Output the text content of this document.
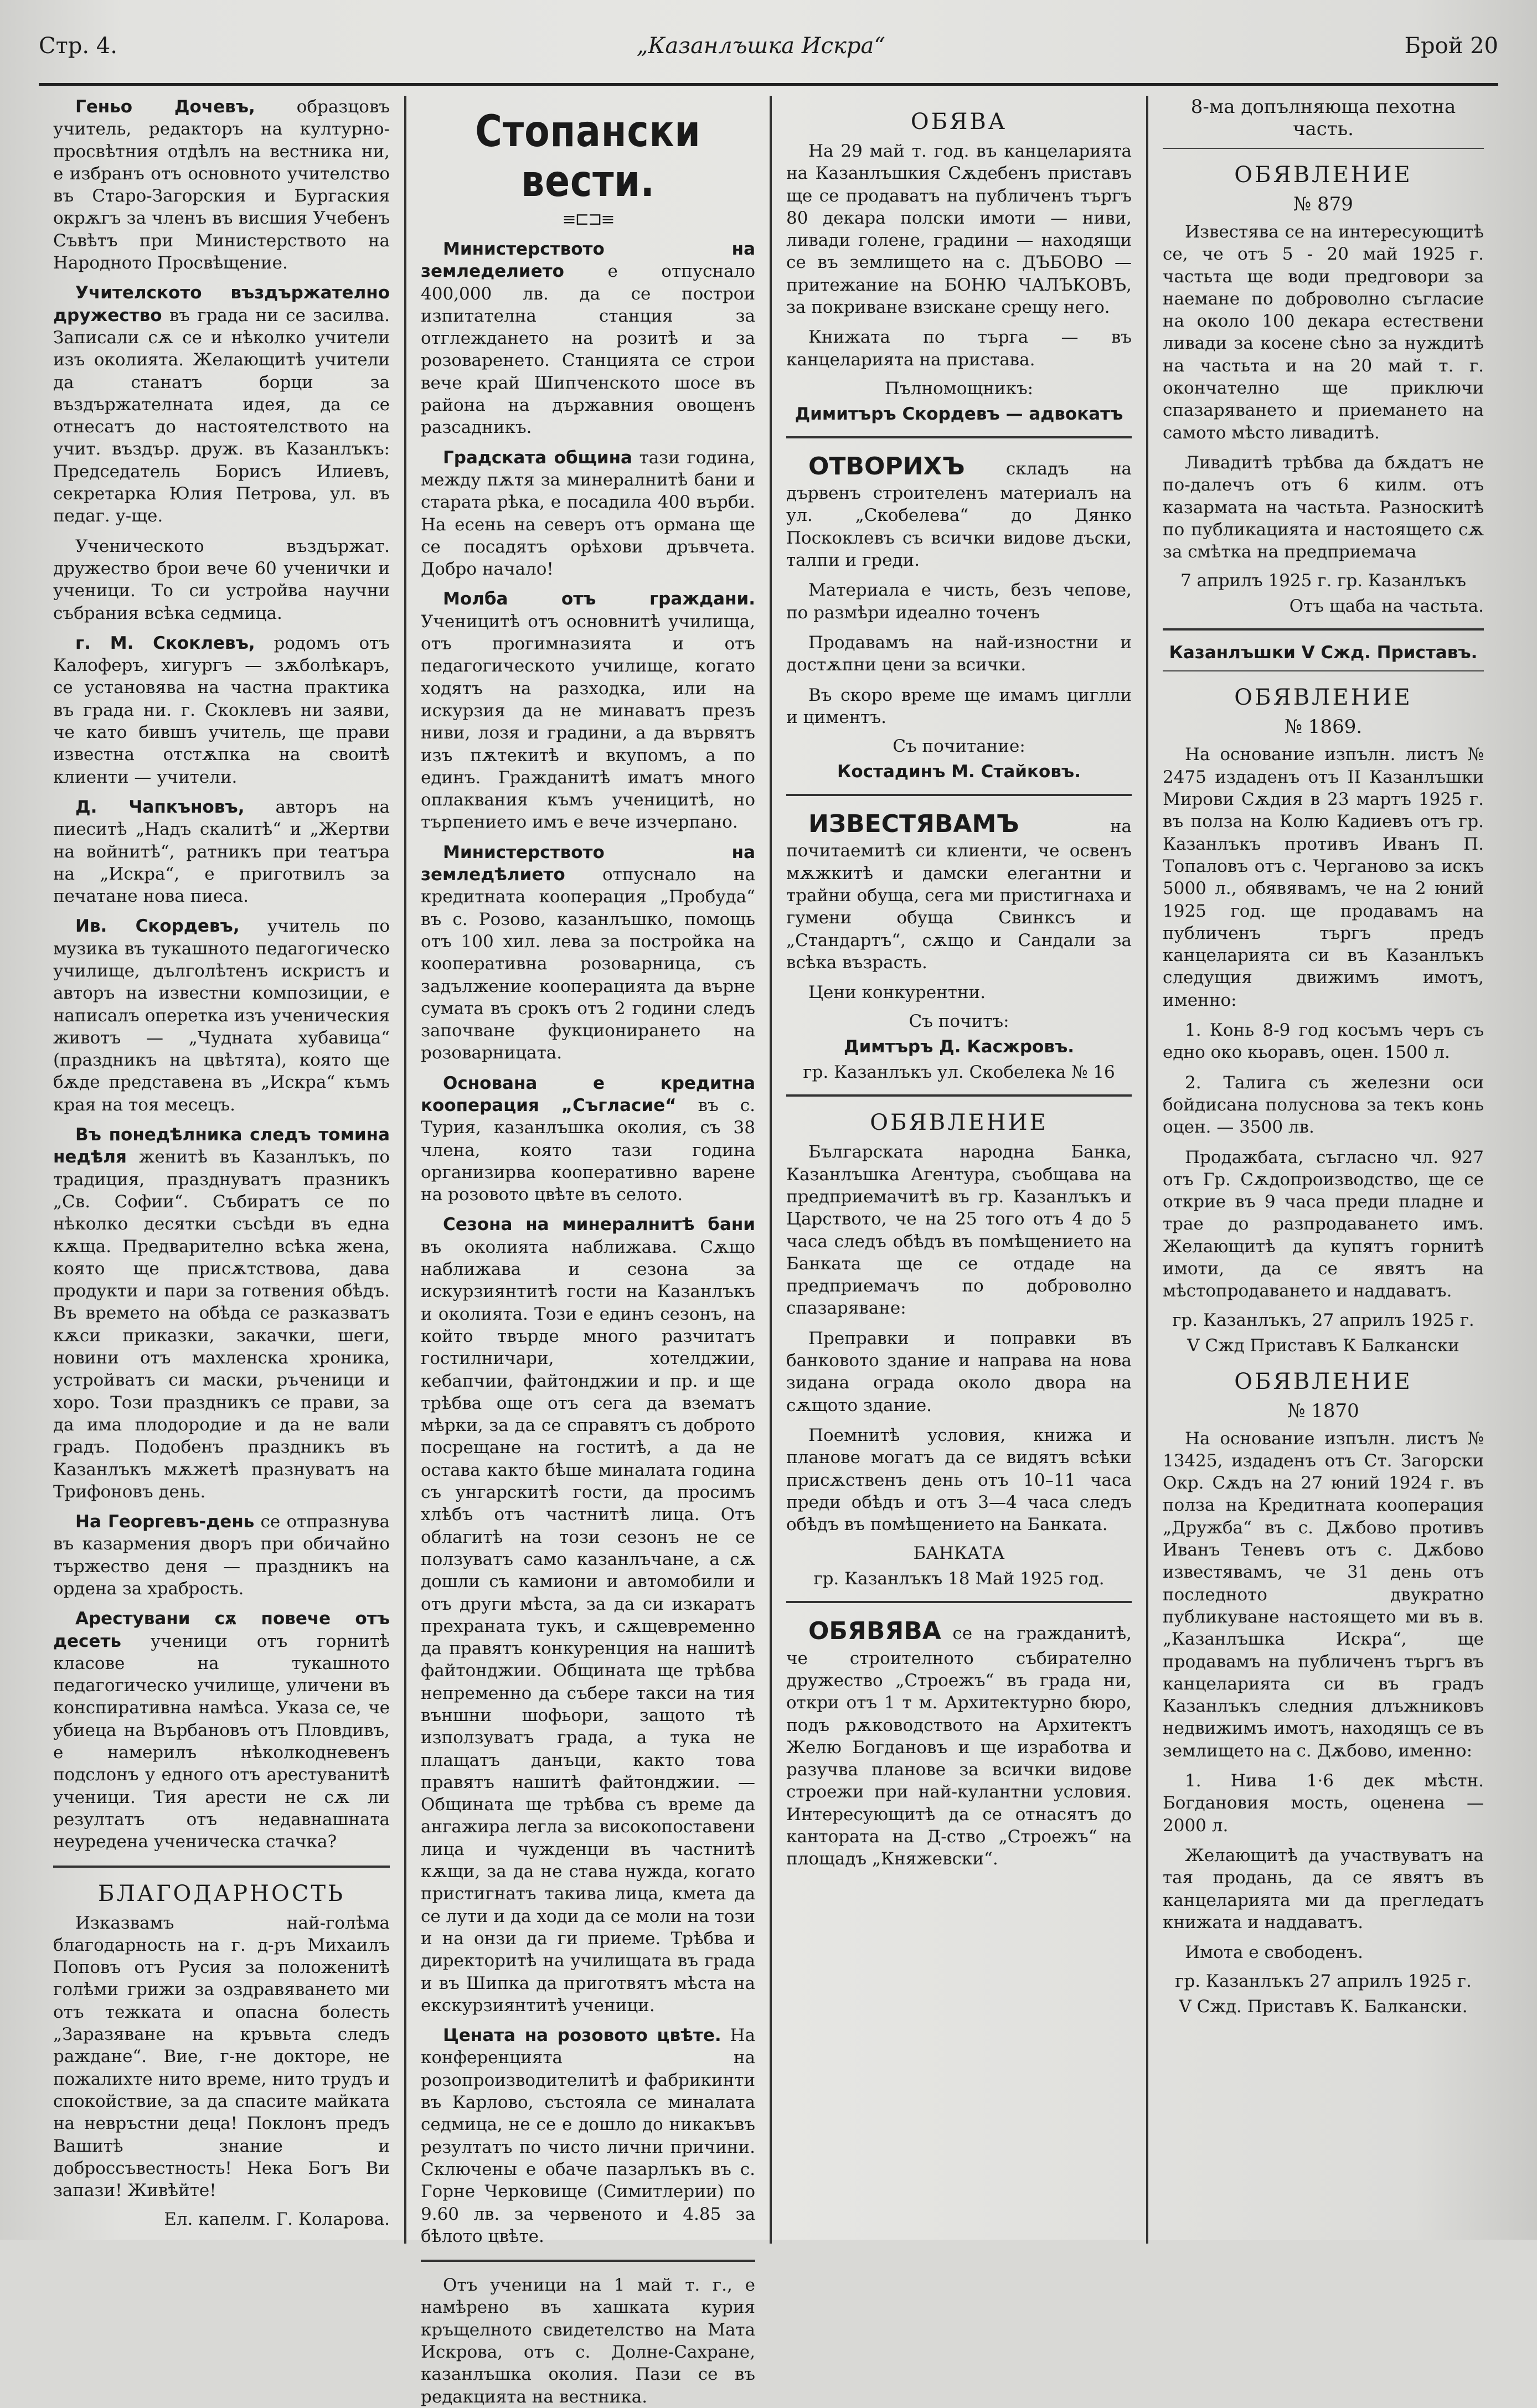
Стр. 4.	„Казанлъшка Искра“	Брой 20

Геньо Дочевъ, образцовъ учитель, редакторъ на културно-просвѣтния отдѣлъ на вестника ни, е избранъ отъ основното учителство въ Старо-Загорския и Бургаския окрѫгъ за членъ въ висшия Учебенъ Съвѣтъ при Министерството на Народното Просвѣщение.

Учителското въздържателно дружество въ града ни се засилва. Записали сѫ се и нѣколко учители изъ околията. Желающитѣ учители да станатъ борци за въздържателната идея, да се отнесатъ до настоятелството на учит. въздър. друж. въ Казанлъкъ: Председатель Борисъ Илиевъ, секретарка Юлия Петрова, ул. въ педаг. у-ще.

Ученическото въздържат. дружество брои вече 60 ученички и ученици. То си устройва научни събрания всѣка седмица.

г. М. Скоклевъ, родомъ отъ Калоферъ, хигургъ — зѫболѣкаръ, се установява на частна практика въ града ни. г. Скоклевъ ни заяви, че като бившъ учитель, ще прави известна отстѫпка на своитѣ клиенти — учители.

Д. Чапкъновъ, авторъ на пиеситѣ „Надъ скалитѣ“ и „Жертви на войнитѣ“, ратникъ при театъра на „Искра“, е приготвилъ за печатане нова пиеса.

Ив. Скордевъ, учитель по музика въ тукашното педагогическо училище, дълголѣтенъ искристъ и авторъ на известни композиции, е написалъ оперетка изъ ученическия животъ — „Чудната хубавица“ (праздникъ на цвѣтята), която ще бѫде представена въ „Искра“ къмъ края на тоя месецъ.

Въ понедѣлника следъ томина недѣля женитѣ въ Казанлъкъ, по традиция, празднуватъ празникъ „Св. Софии“. Събиратъ се по нѣколко десятки съсѣди въ една кѫща. Предварително всѣка жена, която ще присѫтствова, дава продукти и пари за готвения обѣдъ. Въ времето на обѣда се разказватъ кѫси приказки, закачки, шеги, новини отъ махленска хроника, устройватъ си маски, ръченици и хоро. Този праздникъ се прави, за да има плодородие и да не вали градъ. Подобенъ праздникъ въ Казанлъкъ мѫжетѣ празнуватъ на Трифоновъ день.

На Георгевъ-день се отпразнува въ казармения дворъ при обичайно тържество деня — праздникъ на ордена за храбрость.

Арестувани сѫ повече отъ десеть ученици отъ горнитѣ класове на тукашното педагогическо училище, уличени въ конспиративна намѣса. Указа се, че убиеца на Върбановъ отъ Пловдивъ, е намерилъ нѣколкодневенъ подслонъ у едного отъ арестуванитѣ ученици. Тия арести не сѫ ли резултатъ отъ недавнашната неуредена ученическа стачка?

БЛАГОДАРНОСТЬ

Изказвамъ най-голѣма благодарность на г. д-ръ Михаилъ Поповъ отъ Русия за положенитѣ голѣми грижи за оздравяването ми отъ тежката и опасна болесть „Заразяване на кръвьта следъ раждане“. Вие, г-не докторе, не пожалихте нито време, нито трудъ и спокойствие, за да спасите майката на невръстни деца! Поклонъ предъ Вашитѣ знание и доброссъвестность! Нека Богъ Ви запази! Живѣйте!

Ел. капелм. Г. Коларова.
Стопански вести.
≡⊏⊐≡

Министерството на земледелието	е отпуснало 400,000 лв. да се построи изпитателна станция за отглеждането на розитѣ и за розоваренето. Станцията се строи вече край Шипченското шосе въ района на държавния овощенъ разсадникъ.

Градската община тази година, между пѫтя за минералнитѣ бани и старата рѣка, е посадила 400 върби. На есень на северъ отъ ормана ще се посадятъ орѣхови дръвчета. Добро начало!

Молба отъ граждани. Ученицитѣ отъ основнитѣ училища, отъ прогимназията и отъ педагогическото училище, когато ходятъ на разходка, или на искурзия да не минаватъ презъ ниви, лозя и градини, а да вървятъ изъ пѫтекитѣ и вкупомъ, а по единъ. Гражданитѣ иматъ много оплаквания къмъ ученицитѣ, но търпението имъ е вече изчерпано.

Министерството на земледѣлието отпуснало на кредитната кооперация „Пробуда“ въ с. Розово, казанлъшко, помощь отъ 100 хил. лева за постройка на кооперативна розоварница, съ задължение кооперацията да върне сумата въ срокъ отъ 2 години следъ започване фукционирането на розоварницата.

Основана е кредитна кооперация „Съгласие“ въ с. Турия, казанлъшка околия, съ 38 члена, която тази година организирва кооперативно варене на розовото цвѣте въ селото.

Сезона на минералнитѣ бани въ околията наближава. Сѫщо наближава и сезона за искурзиянтитѣ гости на Казанлъкъ и околията. Този е единъ сезонъ, на който твърде много разчитатъ гостилничари, хотелджии, кебапчии, файтонджии и пр. и ще трѣбва още отъ сега да взематъ мѣрки, за да се справятъ съ доброто посрещане на гоститѣ, а да не остава както бѣше миналата година съ унгарскитѣ гости, да просимъ хлѣбъ отъ частнитѣ лица. Отъ облагитѣ на този сезонъ не се ползуватъ само казанлъчане, а сѫ дошли съ камиони и автомобили и отъ други мѣста, за да си изкаратъ прехраната тукъ, и сѫщевременно да правятъ конкуренция на нашитѣ файтонджии. Общината ще трѣбва непременно да събере такси на тия външни шофьори, защото тѣ използуватъ града, а тука не плащатъ данъци, както това правятъ нашитѣ файтонджии. — Общината ще трѣбва съ време да ангажира легла за високопоставени лица и чужденци въ частнитѣ кѫщи, за да не става нужда, когато пристигнатъ такива лица, кмета да се лути и да ходи да се моли на този и на онзи да ги приеме. Трѣбва и директоритѣ на училищата въ града и въ Шипка да приготвятъ мѣста на екскурзиянтитѣ ученици.

Цената на розовото цвѣте. На конференцията на розопроизводителитѣ и фабрикинти въ Карлово, състояла се миналата седмица, не се е дошло до никакъвъ резултатъ по чисто лични причини. Сключены е обаче пазарлъкъ въ с. Горне Черковище (Симитлерии) по 9.60 лв. за червеното и 4.85 за бѣлото цвѣте.

Отъ ученици на 1 май т. г., е намѣрено въ хашката курия кръщелното свидетелство на Мата Искрова, отъ с. Долне-Сахране, казанлъшка околия. Пази се въ редакцията на вестника.

ОБЯВА

На 29 май т. год. въ канцеларията на Казанлъшкия Сѫдебенъ приставъ ще се продаватъ на публиченъ търгъ 80 декара полски имоти — ниви, ливади голене, градини — находящи се въ землището на с. ДЪБОВО — притежание на БОНЮ ЧАЛЪКОВЪ, за покриване взискане срещу него.

Книжата по търга — въ канцеларията на пристава.

Пълномощникъ:
Димитъръ Скордевъ — адвокатъ

ОТВОРИХЪ складъ на дървенъ строителенъ материалъ на ул. „Скобелева“ до Дянко Поскоклевъ съ всички видове дъски, талпи и греди.

Материала е чисть, безъ чепове, по размѣри идеално точенъ

Продавамъ на най-изностни и достѫпни цени за всички.

Въ скоро време ще имамъ циглли и циментъ.

Съ почитание:
Костадинъ М. Стайковъ.

ИЗВЕСТЯВАМЪ	на почитаемитѣ си клиенти, че освенъ мѫжкитѣ и дамски елегантни и трайни обуща, сега ми пристигнаха и гумени обуща Свинксъ и „Стандартъ“, сѫщо и Сандали за всѣка възрасть.

Цени конкурентни.

Съ почитъ:
Димтъръ Д. Касжровъ.
гр. Казанлъкъ ул. Скобелека № 16
ОБЯВЛЕНИЕ

Българската народна Банка, Казанлъшка Агентура, съобщава на предприемачитѣ въ гр. Казанлъкъ и Царството, че на 25 того отъ 4 до 5 часа следъ обѣдъ въ помѣщението на Банката ще се отдаде на предприемачъ по доброволно спазаряване:

Преправки и поправки въ банковото здание и направа на нова зидана ограда около двора на сѫщото здание.

Поемнитѣ условия, книжа и планове могатъ да се видятъ всѣки присѫственъ день отъ 10–11 часа преди обѣдъ и отъ 3—4 часа следъ обѣдъ въ помѣщението на Банката.

БАНКАТА
гр. Казанлъкъ 18 Май 1925 год.

ОБЯВЯВА се на гражданитѣ, че строителното събирателно дружество „Строежъ“ въ града ни, откри отъ 1 т м. Архитектурно бюро, подъ рѫководството на Архитектъ Желю Богдановъ и ще изработва и разучва планове за всички видове строежи при най-кулантни условия. Интересующитѣ да се отнасятъ до кантората на Д-ство „Строежъ“ на площадъ „Княжевски“.

8-ма допълняюща пехотна часть.
ОБЯВЛЕНИЕ
№ 879

Известява се на интересующитѣ се, че отъ 5 - 20 май 1925 г. частьта ще води предговори за наемане по доброволно съгласие на около 100 декара естествени ливади за косене сѣно за нуждитѣ на частьта и на 20 май т. г. окончателно ще приключи спазаряването и приемането на самото мѣсто ливадитѣ.

Ливадитѣ трѣбва да бѫдатъ не по-далечъ отъ 6 килм. отъ казармата на частьта. Разноскитѣ по публикацията и настоящето сѫ за смѣтка на предприемача

7 априлъ 1925 г. гр. Казанлъкъ
Отъ щаба на частьта.
Казанлъшки V Сжд. Приставъ.
ОБЯВЛЕНИЕ
№ 1869.

На основание изпълн. листъ № 2475 издаденъ отъ II Казанлъшки Мирови Сѫдия в 23 мартъ 1925 г. въ полза на Колю Кадиевъ отъ гр. Казанлъкъ противъ Иванъ П. Топаловъ отъ с. Черганово за искъ 5000 л., обявявамъ, че на 2 юний 1925 год. ще продавамъ на публиченъ търгъ предъ канцеларията си въ Казанлъкъ следущия движимъ имотъ, именно:

1. Конь 8-9 год косъмъ черъ съ едно око кьоравъ, оцен. 1500 л.

2. Талига съ железни оси бойдисана полуснова за текъ конь оцен. — 3500 лв.

Продажбата, съгласно чл. 927 отъ Гр. Сѫдопроизводство, ще се открие въ 9 часа преди пладне и трае до разпродаването имъ. Желающитѣ да купятъ горнитѣ имоти, да се явятъ на мѣстопродаването и наддаватъ.

гр. Казанлъкъ, 27 априлъ 1925 г.
V Сжд Приставъ К Балкански
ОБЯВЛЕНИЕ
№ 1870

На основание изпълн. листъ № 13425, издаденъ отъ Ст. Загорски Окр. Сѫдъ на 27 юний 1924 г. въ полза на Кредитната кооперация „Дружба“ въ с. Дѫбово противъ Иванъ Теневъ отъ с. Дѫбово известявамъ, че 31 день отъ последното двукратно публикуване настоящето ми въ в. „Казанлъшка Искра“, ще продавамъ на публиченъ търгъ въ канцеларията си въ градъ Казанлъкъ следния длъжниковъ недвижимъ имотъ, находящъ се въ землището на с. Дѫбово, именно:

1. Нива 1·6 дек мѣстн. Богдановия мость, оценена — 2000 л.

Желающитѣ да участвуватъ на тая продань, да се явятъ въ канцеларията ми да прегледатъ книжата и наддаватъ.

Имота е свободенъ.

гр. Казанлъкъ 27 априлъ 1925 г.
V Сжд. Приставъ К. Балкански.
